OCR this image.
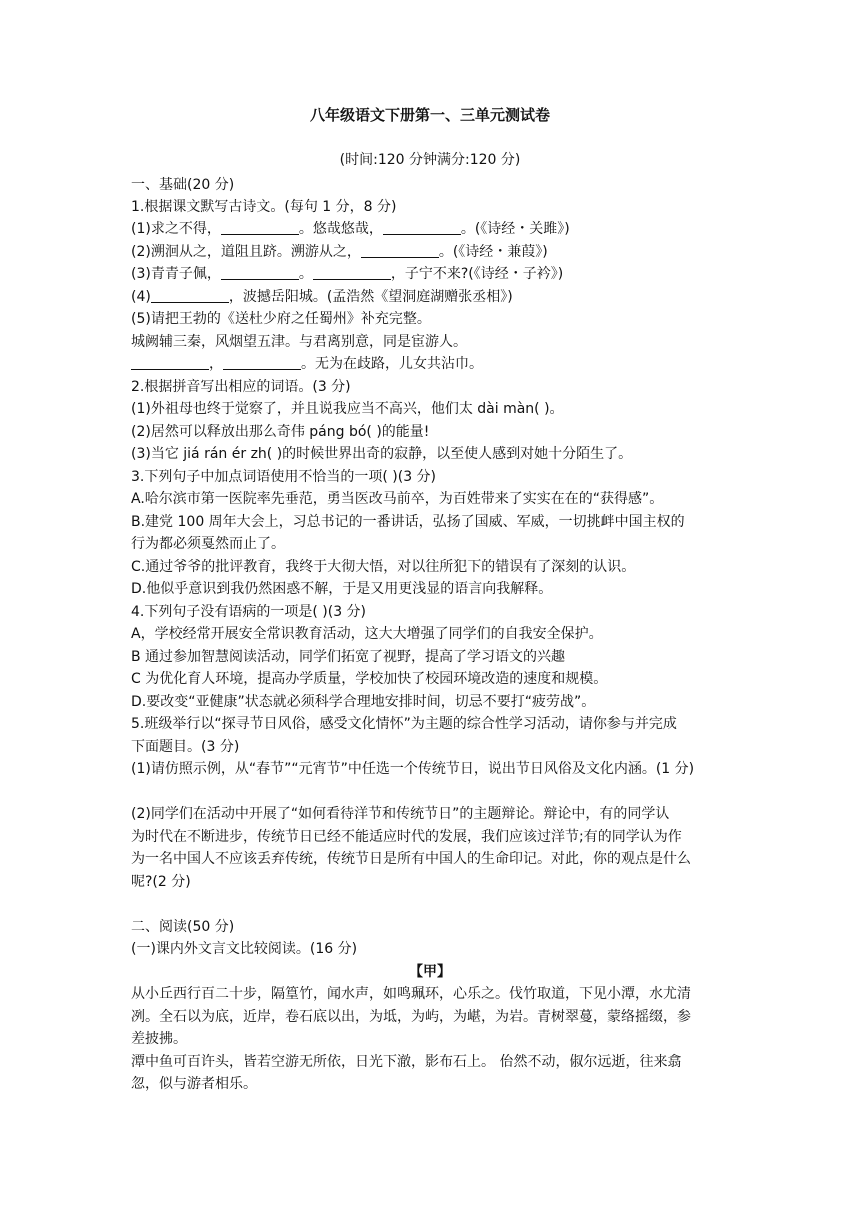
八年级语文下册第一、三单元测试卷
(时间:120 分钟满分:120 分)
一、基础(20 分)
1.根据课文默写古诗文。(每句 1 分，8 分)
(1)求之不得，	。悠哉悠哉，	。(《诗经・关雎》)
(2)溯洄从之，道阻且跻。溯游从之，	。(《诗经・兼葭》)
(3)青青子佩，	。	，子宁不来?(《诗经・子衿》)
(4)	，波撼岳阳城。(孟浩然《望洞庭湖赠张丞相》)
(5)请把王勃的《送杜少府之任蜀州》补充完整。
城阙辅三秦，风烟望五津。与君离别意，同是宦游人。
，	。无为在歧路，儿女共沾巾。
2.根据拼音写出相应的词语。(3 分)
(1)外祖母也终于觉察了，并且说我应当不高兴，他们太 dài màn( )。
(2)居然可以释放出那么奇伟 páng bó( )的能量!
(3)当它 jiá rán ér zh( )的时候世界出奇的寂静，以至使人感到对她十分陌生了。
3.下列句子中加点词语使用不恰当的一项( )(3 分)
A.哈尔滨市第一医院率先垂范，勇当医改马前卒，为百姓带来了实实在在的“获得感”。
B.建党 100 周年大会上，习总书记的一番讲话，弘扬了国威、军威，一切挑衅中国主权的
行为都必须戛然而止了。
C.通过爷爷的批评教育，我终于大彻大悟，对以往所犯下的错误有了深刻的认识。
D.他似乎意识到我仍然困惑不解，于是又用更浅显的语言向我解释。
4.下列句子没有语病的一项是( )(3 分)
A，学校经常开展安全常识教育活动，这大大增强了同学们的自我安全保护。
B 通过参加智慧阅读活动，同学们拓宽了视野，提高了学习语文的兴趣
C 为优化育人环境，提高办学质量，学校加快了校园环境改造的速度和规模。
D.要改变“亚健康”状态就必须科学合理地安排时间，切忌不要打“疲劳战”。
5.班级举行以“探寻节日风俗，感受文化情怀”为主题的综合性学习活动，请你参与并完成
下面题目。(3 分)
(1)请仿照示例，从“春节”“元宵节”中任选一个传统节日，说出节日风俗及文化内涵。(1 分)
(2)同学们在活动中开展了“如何看待洋节和传统节日”的主题辩论。辩论中，有的同学认
为时代在不断进步，传统节日已经不能适应时代的发展，我们应该过洋节;有的同学认为作
为一名中国人不应该丢弃传统，传统节日是所有中国人的生命印记。对此，你的观点是什么
呢?(2 分)
二、阅读(50 分)
(一)课内外文言文比较阅读。(16 分)
【甲】
从小丘西行百二十步，隔篁竹，闻水声，如鸣珮环，心乐之。伐竹取道，下见小潭，水尤清
冽。全石以为底，近岸，卷石底以出，为坻，为屿，为嵁，为岩。青树翠蔓，蒙络摇缀，参
差披拂。
潭中鱼可百许头，皆若空游无所依，日光下澈，影布石上。 佁然不动，俶尔远逝，往来翕
忽，似与游者相乐。
